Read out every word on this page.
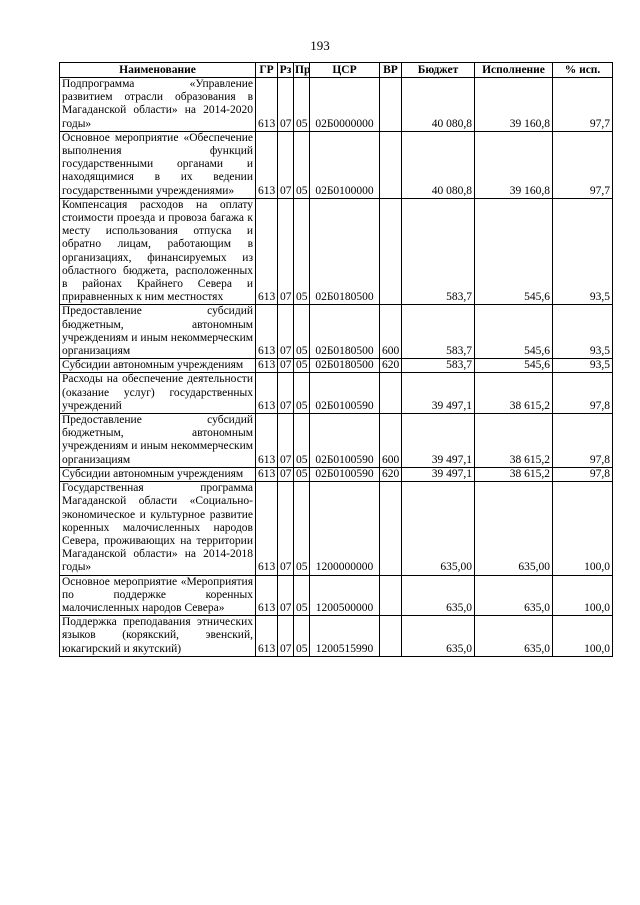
193
Наименование	ГР	Рз	Пр	ЦСР	ВР	Бюджет	Исполнение	% исп.
Подпрограмма «Управление развитием отрасли образования в Магаданской области» на 2014-2020 годы»	613	07	05	02Б0000000		40 080,8	39 160,8	97,7
Основное мероприятие «Обеспечение выполнения функций государственными органами и находящимися в их ведении государственными учреждениями»	613	07	05	02Б0100000		40 080,8	39 160,8	97,7
Компенсация расходов на оплату стоимости проезда и провоза багажа к месту использования отпуска и обратно лицам, работающим в организациях, финансируемых из областного бюджета, расположенных в районах Крайнего Севера и приравненных к ним местностях	613	07	05	02Б0180500		583,7	545,6	93,5
Предоставление субсидий бюджетным, автономным учреждениям и иным некоммерческим организациям	613	07	05	02Б0180500	600	583,7	545,6	93,5
Субсидии автономным учреждениям	613	07	05	02Б0180500	620	583,7	545,6	93,5
Расходы на обеспечение деятельности (оказание услуг) государственных учреждений	613	07	05	02Б0100590		39 497,1	38 615,2	97,8
Предоставление субсидий бюджетным, автономным учреждениям и иным некоммерческим организациям	613	07	05	02Б0100590	600	39 497,1	38 615,2	97,8
Субсидии автономным учреждениям	613	07	05	02Б0100590	620	39 497,1	38 615,2	97,8
Государственная программа Магаданской области «Социально-экономическое и культурное развитие коренных малочисленных народов Севера, проживающих на территории Магаданской области» на 2014-2018 годы»	613	07	05	1200000000		635,00	635,00	100,0
Основное мероприятие «Мероприятия по поддержке коренных малочисленных народов Севера»	613	07	05	1200500000		635,0	635,0	100,0
Поддержка преподавания этнических языков (корякский, эвенский, юкагирский и якутский)	613	07	05	1200515990		635,0	635,0	100,0
